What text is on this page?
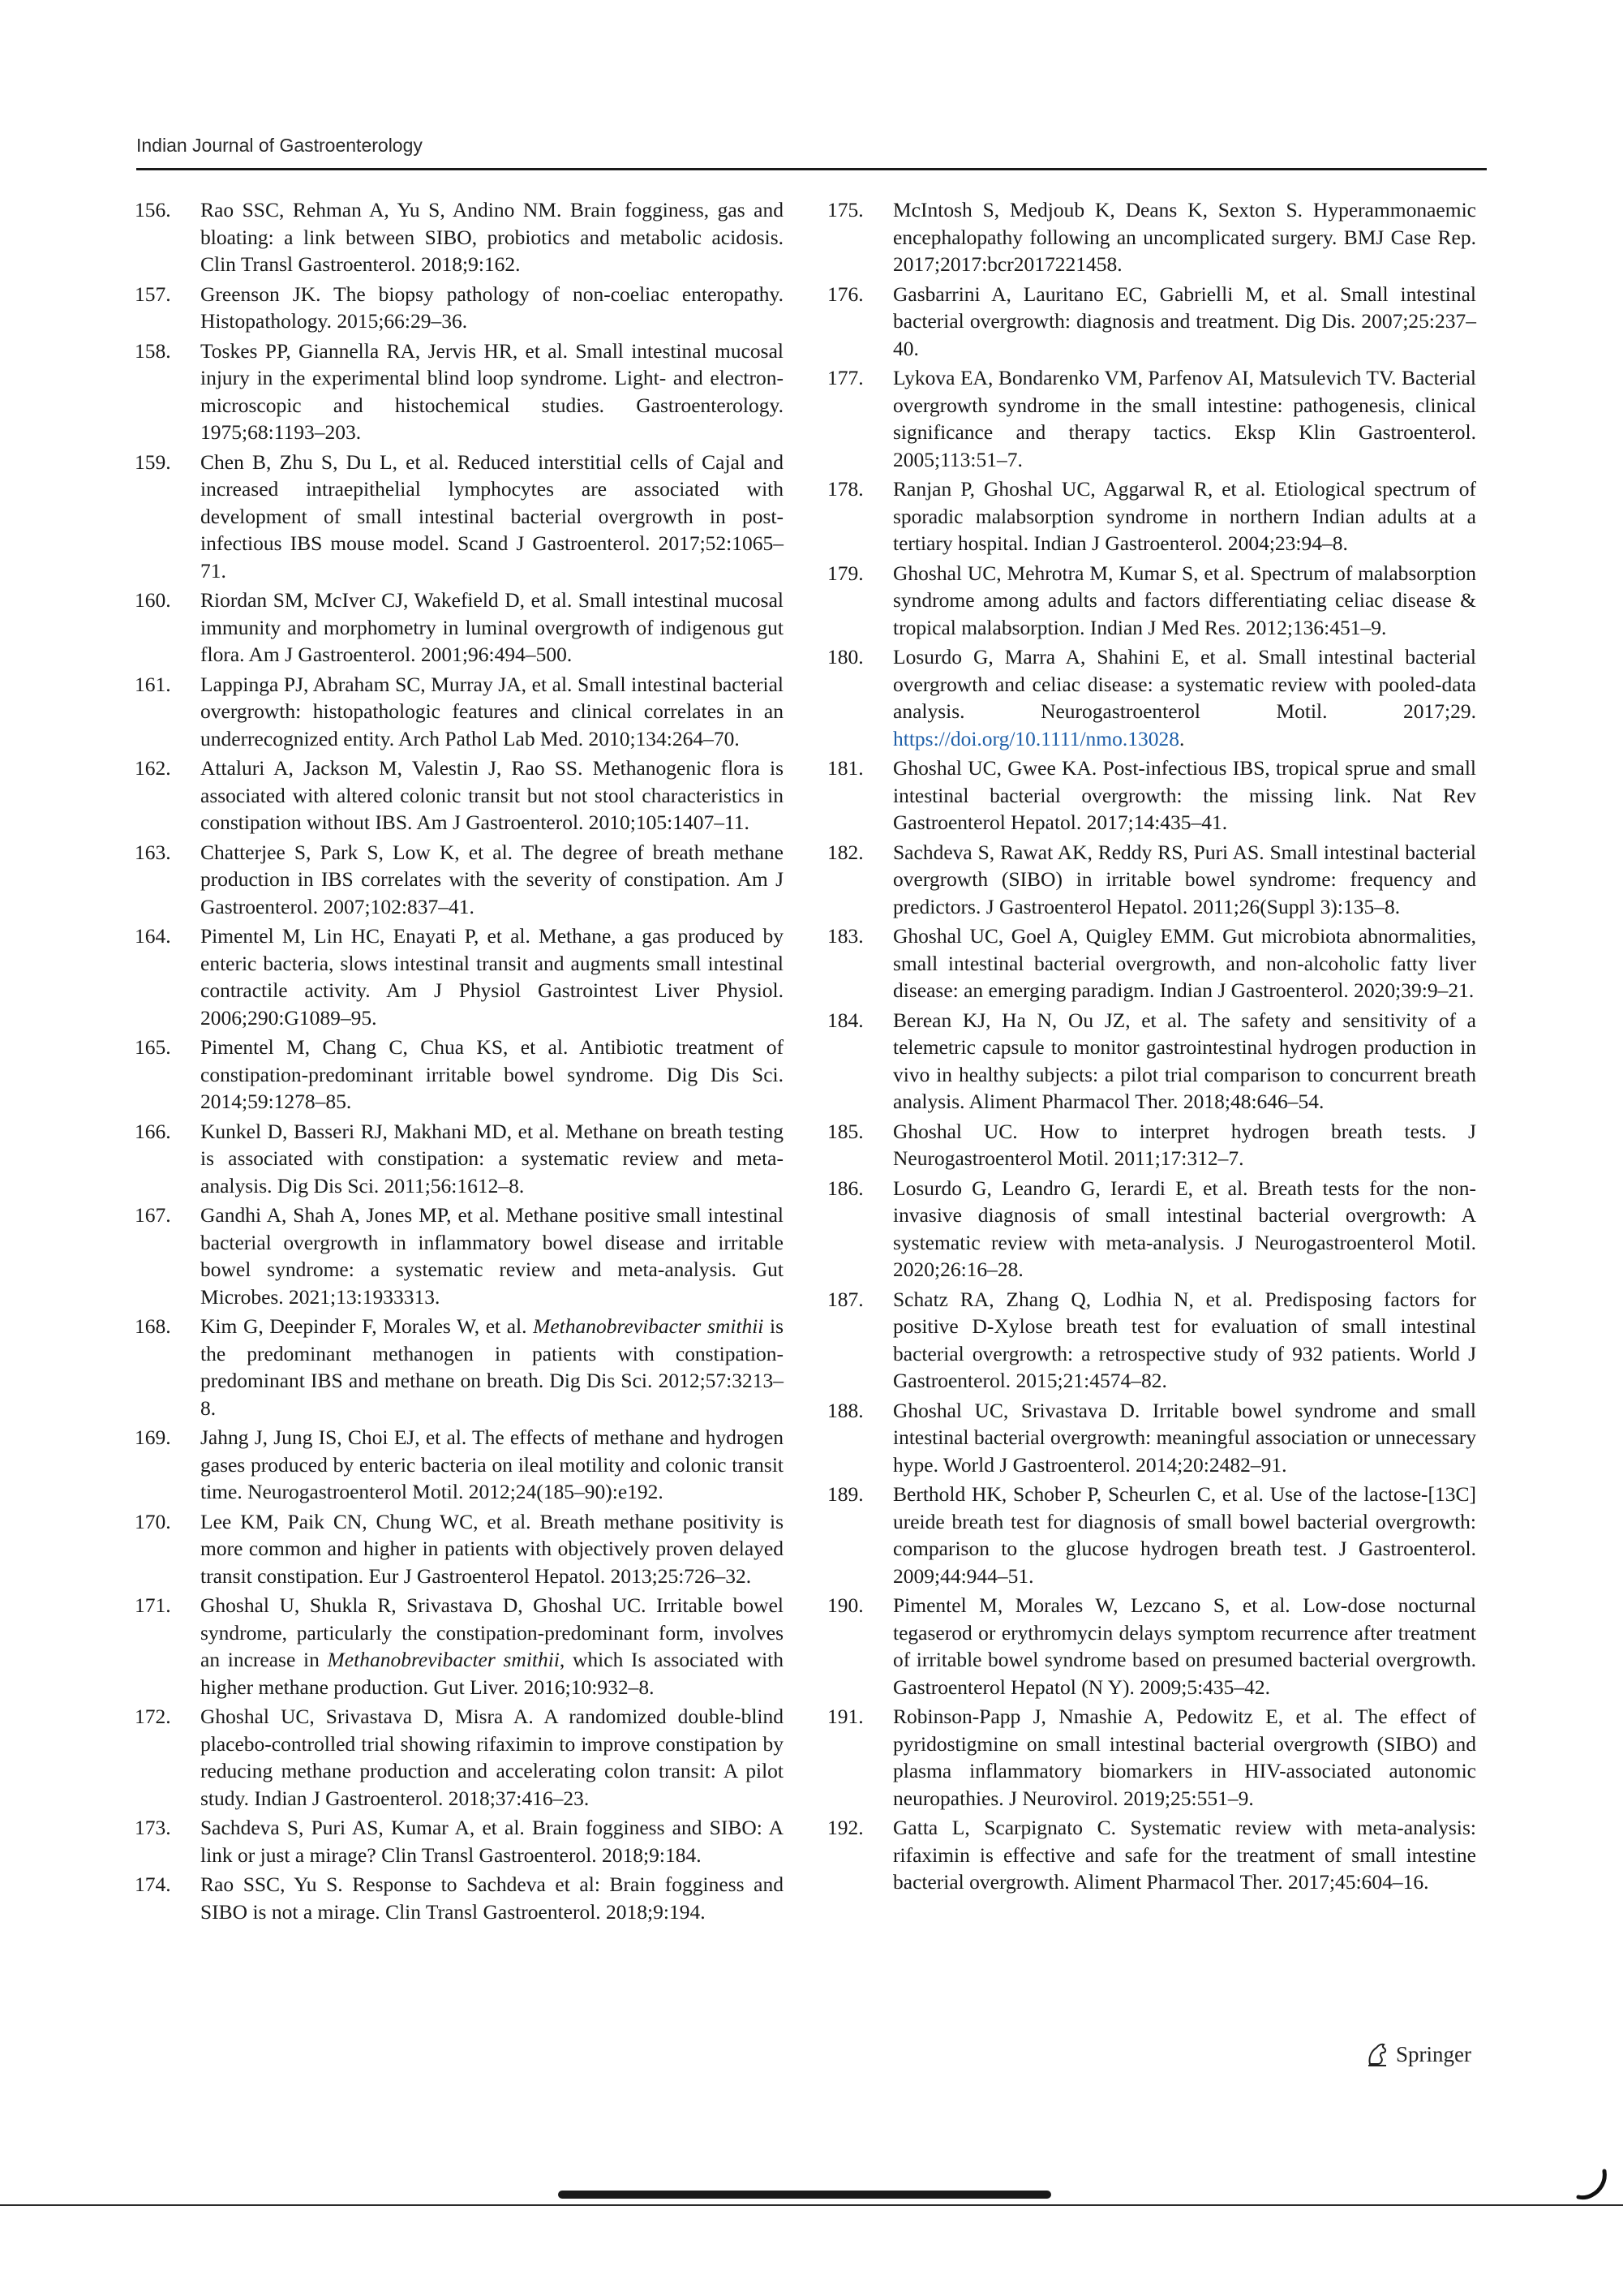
Indian Journal of Gastroenterology
156.	Rao SSC, Rehman A, Yu S, Andino NM. Brain fogginess, gas and bloating: a link between SIBO, probiotics and metabolic acidosis. Clin Transl Gastroenterol. 2018;9:162.
157.	Greenson JK. The biopsy pathology of non-coeliac enteropathy. Histopathology. 2015;66:29–36.
158.	Toskes PP, Giannella RA, Jervis HR, et al. Small intestinal mucosal injury in the experimental blind loop syndrome. Light- and electron-microscopic and histochemical studies. Gastroenterology. 1975;68:1193–203.
159.	Chen B, Zhu S, Du L, et al. Reduced interstitial cells of Cajal and increased intraepithelial lymphocytes are associated with development of small intestinal bacterial overgrowth in post-infectious IBS mouse model. Scand J Gastroenterol. 2017;52:1065–71.
160.	Riordan SM, McIver CJ, Wakefield D, et al. Small intestinal mucosal immunity and morphometry in luminal overgrowth of indigenous gut flora. Am J Gastroenterol. 2001;96:494–500.
161.	Lappinga PJ, Abraham SC, Murray JA, et al. Small intestinal bacterial overgrowth: histopathologic features and clinical correlates in an underrecognized entity. Arch Pathol Lab Med. 2010;134:264–70.
162.	Attaluri A, Jackson M, Valestin J, Rao SS. Methanogenic flora is associated with altered colonic transit but not stool characteristics in constipation without IBS. Am J Gastroenterol. 2010;105:1407–11.
163.	Chatterjee S, Park S, Low K, et al. The degree of breath methane production in IBS correlates with the severity of constipation. Am J Gastroenterol. 2007;102:837–41.
164.	Pimentel M, Lin HC, Enayati P, et al. Methane, a gas produced by enteric bacteria, slows intestinal transit and augments small intestinal contractile activity. Am J Physiol Gastrointest Liver Physiol. 2006;290:G1089–95.
165.	Pimentel M, Chang C, Chua KS, et al. Antibiotic treatment of constipation-predominant irritable bowel syndrome. Dig Dis Sci. 2014;59:1278–85.
166.	Kunkel D, Basseri RJ, Makhani MD, et al. Methane on breath testing is associated with constipation: a systematic review and meta-analysis. Dig Dis Sci. 2011;56:1612–8.
167.	Gandhi A, Shah A, Jones MP, et al. Methane positive small intestinal bacterial overgrowth in inflammatory bowel disease and irritable bowel syndrome: a systematic review and meta-analysis. Gut Microbes. 2021;13:1933313.
168.	Kim G, Deepinder F, Morales W, et al. Methanobrevibacter smithii is the predominant methanogen in patients with constipation-predominant IBS and methane on breath. Dig Dis Sci. 2012;57:3213–8.
169.	Jahng J, Jung IS, Choi EJ, et al. The effects of methane and hydrogen gases produced by enteric bacteria on ileal motility and colonic transit time. Neurogastroenterol Motil. 2012;24(185–90):e192.
170.	Lee KM, Paik CN, Chung WC, et al. Breath methane positivity is more common and higher in patients with objectively proven delayed transit constipation. Eur J Gastroenterol Hepatol. 2013;25:726–32.
171.	Ghoshal U, Shukla R, Srivastava D, Ghoshal UC. Irritable bowel syndrome, particularly the constipation-predominant form, involves an increase in Methanobrevibacter smithii, which Is associated with higher methane production. Gut Liver. 2016;10:932–8.
172.	Ghoshal UC, Srivastava D, Misra A. A randomized double-blind placebo-controlled trial showing rifaximin to improve constipation by reducing methane production and accelerating colon transit: A pilot study. Indian J Gastroenterol. 2018;37:416–23.
173.	Sachdeva S, Puri AS, Kumar A, et al. Brain fogginess and SIBO: A link or just a mirage? Clin Transl Gastroenterol. 2018;9:184.
174.	Rao SSC, Yu S. Response to Sachdeva et al: Brain fogginess and SIBO is not a mirage. Clin Transl Gastroenterol. 2018;9:194.
175.	McIntosh S, Medjoub K, Deans K, Sexton S. Hyperammonaemic encephalopathy following an uncomplicated surgery. BMJ Case Rep. 2017;2017:bcr2017221458.
176.	Gasbarrini A, Lauritano EC, Gabrielli M, et al. Small intestinal bacterial overgrowth: diagnosis and treatment. Dig Dis. 2007;25:237–40.
177.	Lykova EA, Bondarenko VM, Parfenov AI, Matsulevich TV. Bacterial overgrowth syndrome in the small intestine: pathogenesis, clinical significance and therapy tactics. Eksp Klin Gastroenterol. 2005;113:51–7.
178.	Ranjan P, Ghoshal UC, Aggarwal R, et al. Etiological spectrum of sporadic malabsorption syndrome in northern Indian adults at a tertiary hospital. Indian J Gastroenterol. 2004;23:94–8.
179.	Ghoshal UC, Mehrotra M, Kumar S, et al. Spectrum of malabsorption syndrome among adults and factors differentiating celiac disease & tropical malabsorption. Indian J Med Res. 2012;136:451–9.
180.	Losurdo G, Marra A, Shahini E, et al. Small intestinal bacterial overgrowth and celiac disease: a systematic review with pooled-data analysis. Neurogastroenterol Motil. 2017;29. https://doi.org/10.1111/nmo.13028.
181.	Ghoshal UC, Gwee KA. Post-infectious IBS, tropical sprue and small intestinal bacterial overgrowth: the missing link. Nat Rev Gastroenterol Hepatol. 2017;14:435–41.
182.	Sachdeva S, Rawat AK, Reddy RS, Puri AS. Small intestinal bacterial overgrowth (SIBO) in irritable bowel syndrome: frequency and predictors. J Gastroenterol Hepatol. 2011;26(Suppl 3):135–8.
183.	Ghoshal UC, Goel A, Quigley EMM. Gut microbiota abnormalities, small intestinal bacterial overgrowth, and non-alcoholic fatty liver disease: an emerging paradigm. Indian J Gastroenterol. 2020;39:9–21.
184.	Berean KJ, Ha N, Ou JZ, et al. The safety and sensitivity of a telemetric capsule to monitor gastrointestinal hydrogen production in vivo in healthy subjects: a pilot trial comparison to concurrent breath analysis. Aliment Pharmacol Ther. 2018;48:646–54.
185.	Ghoshal UC. How to interpret hydrogen breath tests. J Neurogastroenterol Motil. 2011;17:312–7.
186.	Losurdo G, Leandro G, Ierardi E, et al. Breath tests for the non-invasive diagnosis of small intestinal bacterial overgrowth: A systematic review with meta-analysis. J Neurogastroenterol Motil. 2020;26:16–28.
187.	Schatz RA, Zhang Q, Lodhia N, et al. Predisposing factors for positive D-Xylose breath test for evaluation of small intestinal bacterial overgrowth: a retrospective study of 932 patients. World J Gastroenterol. 2015;21:4574–82.
188.	Ghoshal UC, Srivastava D. Irritable bowel syndrome and small intestinal bacterial overgrowth: meaningful association or unnecessary hype. World J Gastroenterol. 2014;20:2482–91.
189.	Berthold HK, Schober P, Scheurlen C, et al. Use of the lactose-[13C] ureide breath test for diagnosis of small bowel bacterial overgrowth: comparison to the glucose hydrogen breath test. J Gastroenterol. 2009;44:944–51.
190.	Pimentel M, Morales W, Lezcano S, et al. Low-dose nocturnal tegaserod or erythromycin delays symptom recurrence after treatment of irritable bowel syndrome based on presumed bacterial overgrowth. Gastroenterol Hepatol (N Y). 2009;5:435–42.
191.	Robinson-Papp J, Nmashie A, Pedowitz E, et al. The effect of pyridostigmine on small intestinal bacterial overgrowth (SIBO) and plasma inflammatory biomarkers in HIV-associated autonomic neuropathies. J Neurovirol. 2019;25:551–9.
192.	Gatta L, Scarpignato C. Systematic review with meta-analysis: rifaximin is effective and safe for the treatment of small intestine bacterial overgrowth. Aliment Pharmacol Ther. 2017;45:604–16.
Springer
